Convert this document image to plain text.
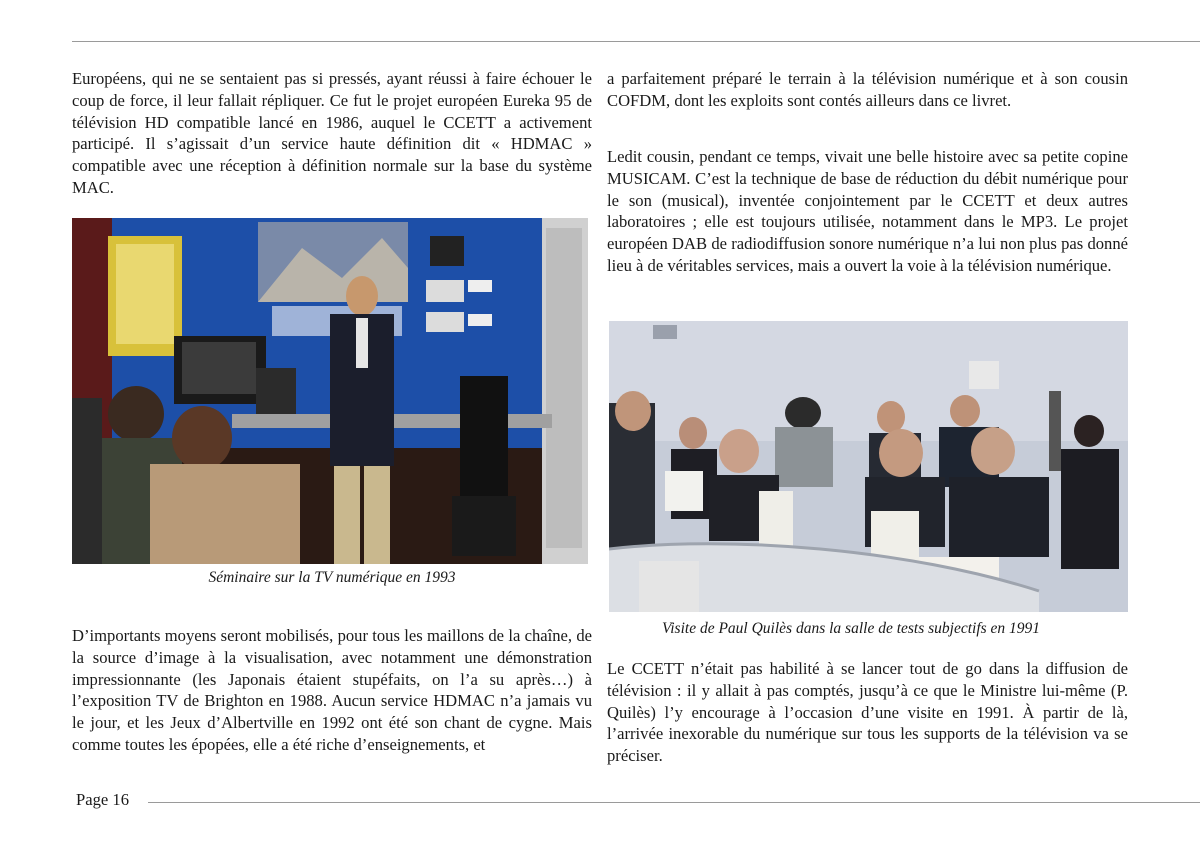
Européens, qui ne se sentaient pas si pressés, ayant réussi à faire échouer le coup de force, il leur fallait répliquer. Ce fut le projet européen Eureka 95 de télévision HD compatible lancé en 1986, auquel le CCETT a activement participé. Il s’agissait d’un service haute définition dit « HDMAC » compatible avec une réception à définition normale sur la base du système MAC.

Séminaire sur la TV numérique en 1993

D’importants moyens seront mobilisés, pour tous les maillons de la chaîne, de la source d’image à la visualisation, avec notamment une démonstration impressionnante (les Japonais étaient stupéfaits, on l’a su après…) à l’exposition TV de Brighton en 1988. Aucun service HDMAC n’a jamais vu le jour, et les Jeux d’Albertville en 1992 ont été son chant de cygne. Mais comme toutes les épopées, elle a été riche d’enseignements, et

a parfaitement préparé le terrain à la télévision numérique et à son cousin COFDM, dont les exploits sont contés ailleurs dans ce livret.

Ledit cousin, pendant ce temps, vivait une belle histoire avec sa petite copine MUSICAM. C’est la technique de base de réduction du débit numérique pour le son (musical), inventée conjointement par le CCETT et deux autres laboratoires ; elle est toujours utilisée, notamment dans le MP3. Le projet européen DAB de radiodiffusion sonore numérique n’a lui non plus pas donné lieu à de véritables services, mais a ouvert la voie à la télévision numérique.

Visite de Paul Quilès dans la salle de tests subjectifs en 1991

Le CCETT n’était pas habilité à se lancer tout de go dans la diffusion de télévision : il y allait à pas comptés, jusqu’à ce que le Ministre lui-même (P. Quilès) l’y encourage à l’occasion d’une visite en 1991. À partir de là, l’arrivée inexorable du numérique sur tous les supports de la télévision va se préciser.

Page 16
